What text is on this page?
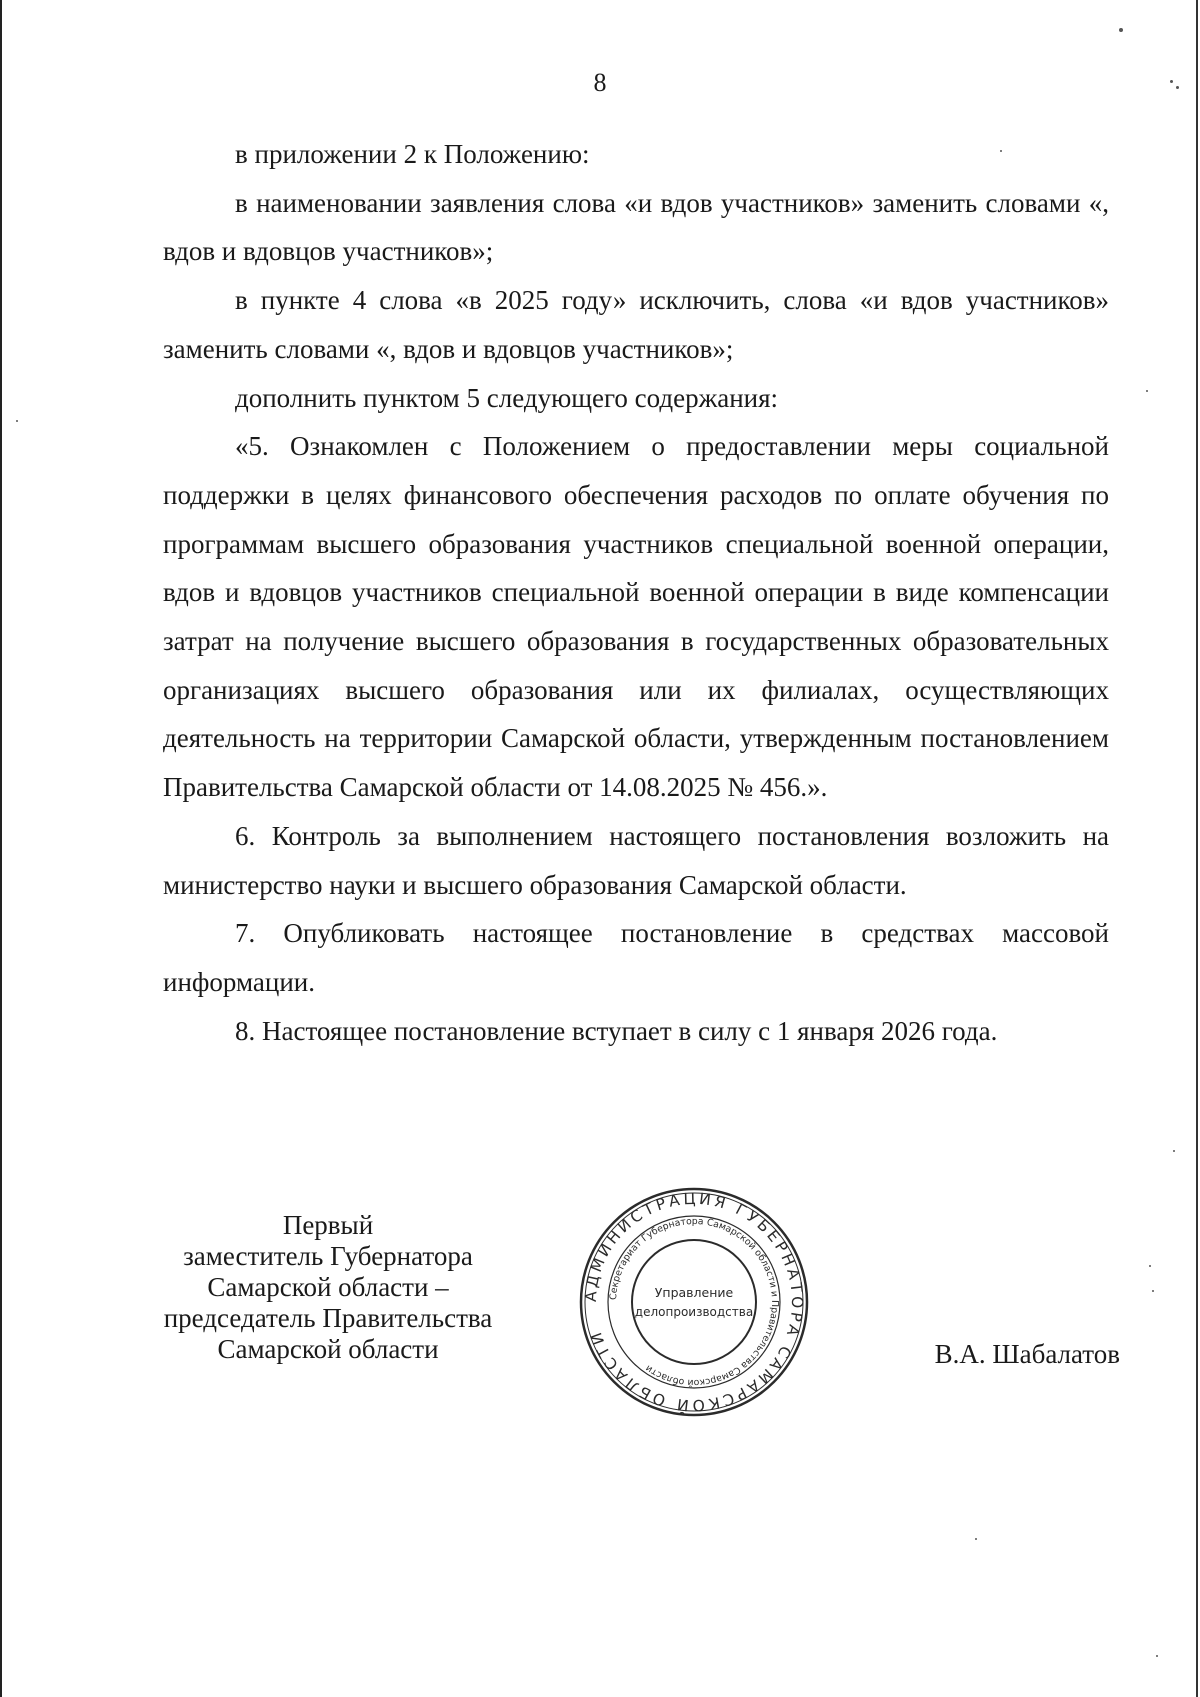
8

в приложении 2 к Положению:

в наименовании заявления слова «и вдов участников» заменить словами «, вдов и вдовцов участников»;

в пункте 4 слова «в 2025 году» исключить, слова «и вдов участников» заменить словами «, вдов и вдовцов участников»;

дополнить пунктом 5 следующего содержания:

«5. Ознакомлен с Положением о предоставлении меры социальной поддержки в целях финансового обеспечения расходов по оплате обучения по программам высшего образования участников специальной военной операции, вдов и вдовцов участников специальной военной операции в виде компенсации затрат на получение высшего образования в государственных образовательных организациях высшего образования или их филиалах, осуществляющих деятельность на территории Самарской области, утвержденным постановлением Правительства Самарской области от 14.08.2025 № 456.».

6. Контроль за выполнением настоящего постановления возложить на министерство науки и высшего образования Самарской области.

7. Опубликовать настоящее постановление в средствах массовой информации.

8. Настоящее постановление вступает в силу с 1 января 2026 года.

Первый
заместитель Губернатора
Самарской области –
председатель Правительства
Самарской области
АДМИНИСТРАЦИЯ ГУБЕРНАТОРА САМАРСКОЙ ОБЛАСТИ
Секретариат Губернатора Самарской области и Правительства Самарской области
Управление
делопроизводства
В.А. Шабалатов
